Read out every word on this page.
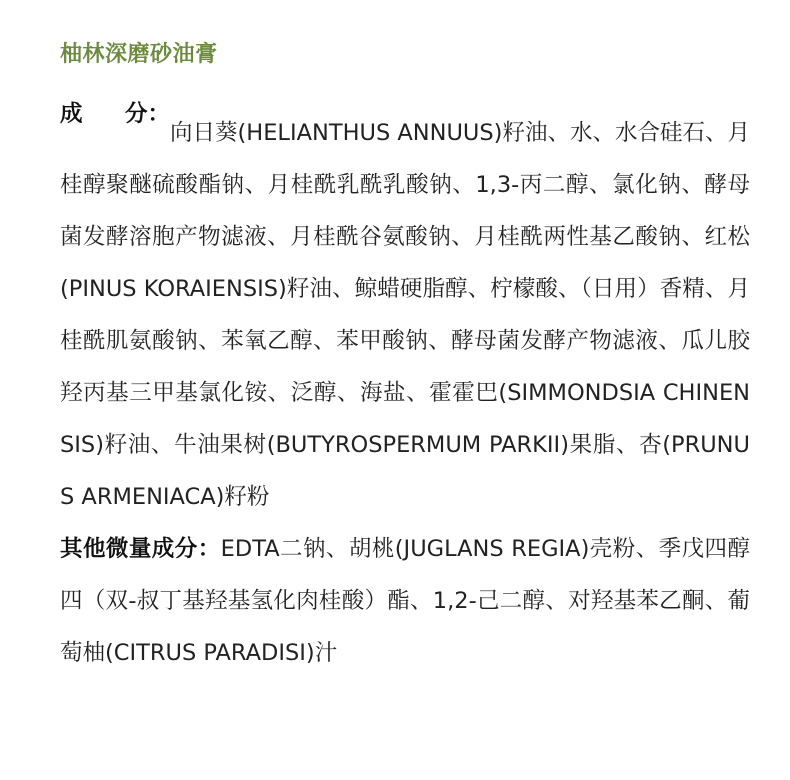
柚林深磨砂油膏

成 分：
向日葵(HELIANTHUS ANNUUS)籽油、水、水合硅石、月桂醇聚醚硫酸酯钠、月桂酰乳酰乳酸钠、1,3-丙二醇、氯化钠、酵母菌发酵溶胞产物滤液、月桂酰谷氨酸钠、月桂酰两性基乙酸钠、红松(PINUS KORAIENSIS)籽油、鲸蜡硬脂醇、柠檬酸、（日用）香精、月桂酰肌氨酸钠、苯氧乙醇、苯甲酸钠、酵母菌发酵产物滤液、瓜儿胶羟丙基三甲基氯化铵、泛醇、海盐、霍霍巴(SIMMONDSIA CHINENSIS)籽油、牛油果树(BUTYROSPERMUM PARKII)果脂、杏(PRUNUS ARMENIACA)籽粉

其他微量成分：EDTA二钠、胡桃(JUGLANS REGIA)壳粉、季戊四醇四（双-叔丁基羟基氢化肉桂酸）酯、1,2-己二醇、对羟基苯乙酮、葡萄柚(CITRUS PARADISI)汁
